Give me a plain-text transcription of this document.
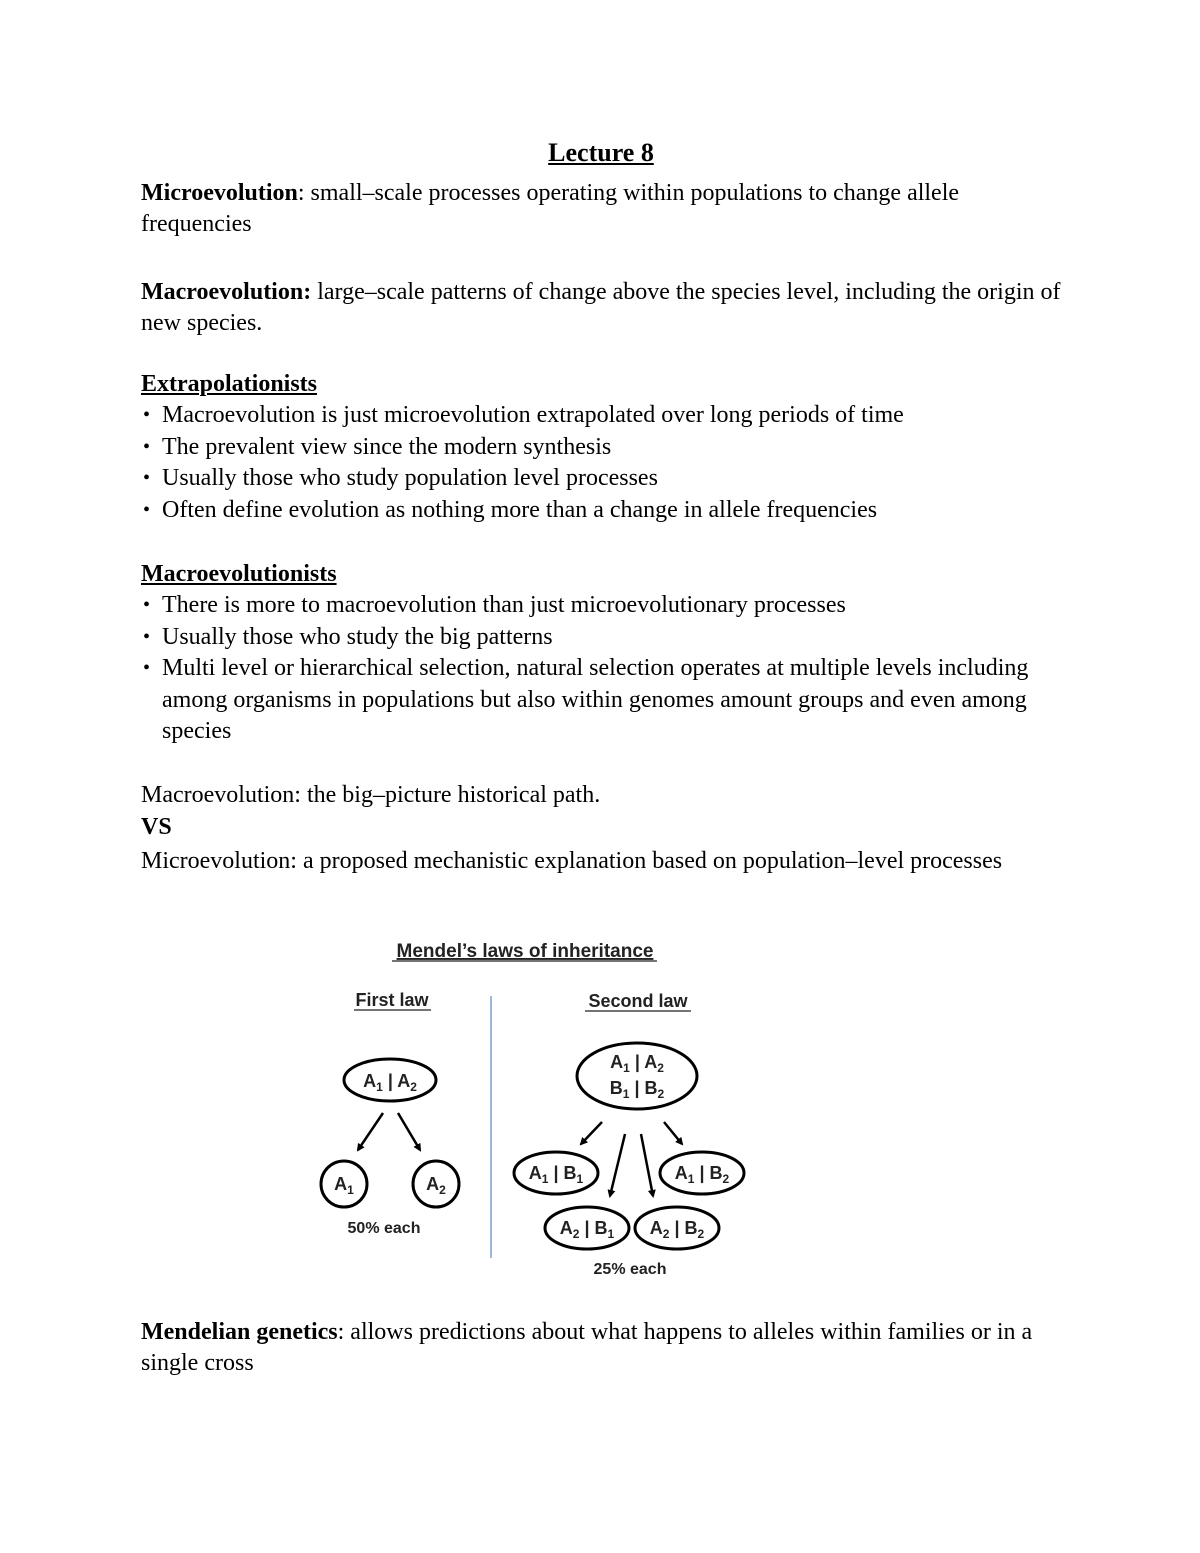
Lecture 8

Microevolution: small–scale processes operating within populations to change allele frequencies

Macroevolution: large–scale patterns of change above the species level, including the origin of new species.

Extrapolationists
• Macroevolution is just microevolution extrapolated over long periods of time
• The prevalent view since the modern synthesis
• Usually those who study population level processes
• Often define evolution as nothing more than a change in allele frequencies
Macroevolutionists
• There is more to macroevolution than just microevolutionary processes
• Usually those who study the big patterns
• Multi level or hierarchical selection, natural selection operates at multiple levels including among organisms in populations but also within genomes amount groups and even among species

Macroevolution: the big–picture historical path.

VS

Microevolution: a proposed mechanistic explanation based on population–level processes

Mendelian genetics: allows predictions about what happens to alleles within families or in a single cross

Mendel’s laws of inheritance
First law
$A_1$ | $A_2$
$A_1$	$A_2$
50% each
Second law
$A_1$ | $A_2$
$B_1$ | $B_2$
$A_1$ | $B_1$	$A_1$ | $B_2$
$A_2$ | $B_1$ $A_2$ | $B_2$
25% each
